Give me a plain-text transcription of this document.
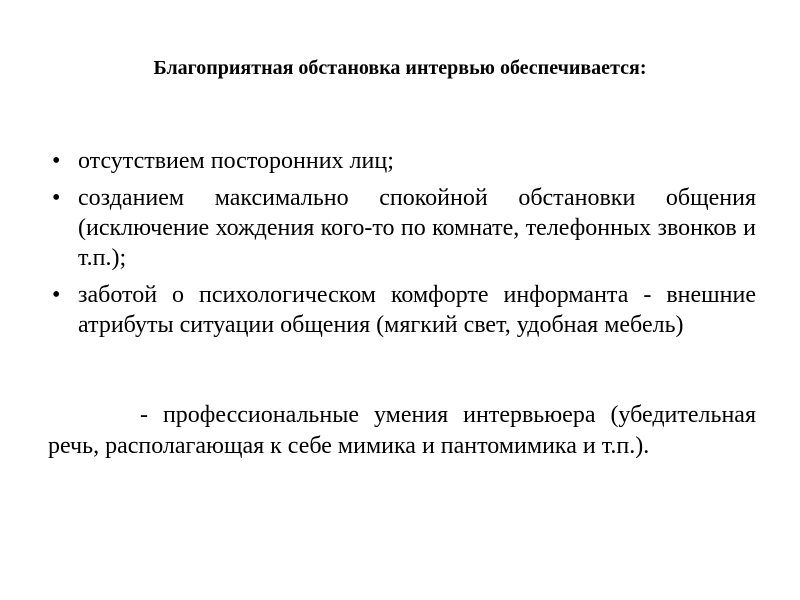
Благоприятная обстановка интервью обеспечивается:
• отсутствием посторонних лиц;
• созданием максимально спокойной обстановки общения (исключение хождения кого-то по комнате, телефонных звонков и т.п.);
• заботой о психологическом комфорте информанта - внешние атрибуты ситуации общения (мягкий свет, удобная мебель)

- профессиональные умения интервьюера (убедительная речь, располагающая к себе мимика и пантомимика и т.п.).
